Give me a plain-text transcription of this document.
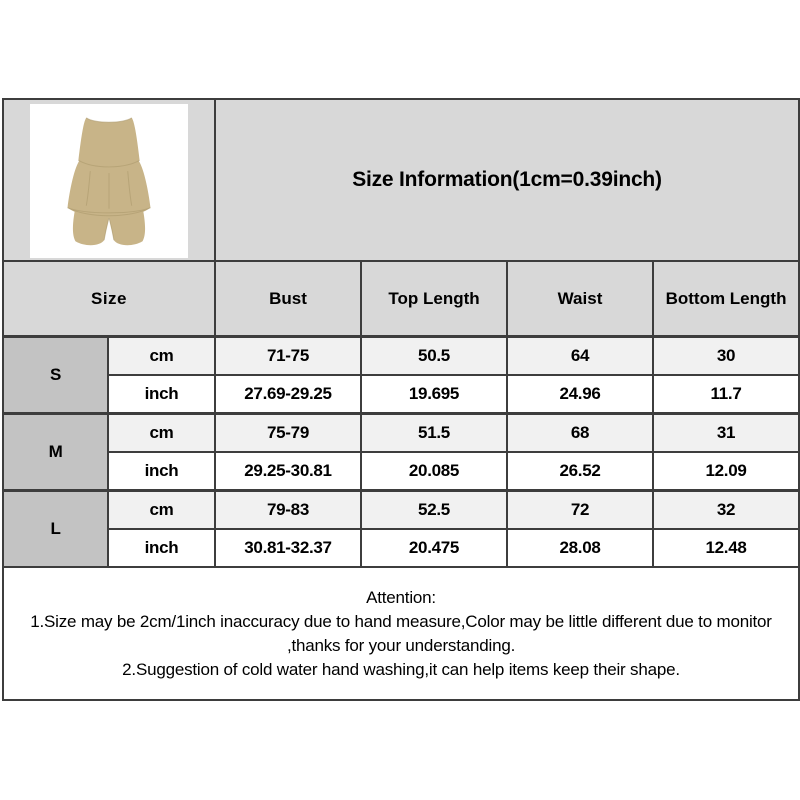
	Size Information(1cm=0.39inch)			
Size		Bust	Top Length	Waist	Bottom Length
S	cm	71-75	50.5	64	30
	inch	27.69-29.25	19.695	24.96	11.7
M	cm	75-79	51.5	68	31
	inch	29.25-30.81	20.085	26.52	12.09
L	cm	79-83	52.5	72	32
	inch	30.81-32.37	20.475	28.08	12.48

Attention:
1.Size may be 2cm/1inch inaccuracy due to hand measure,Color may be little different due to monitor
,thanks for your understanding.
2.Suggestion of cold water hand washing,it can help items keep their shape.					
